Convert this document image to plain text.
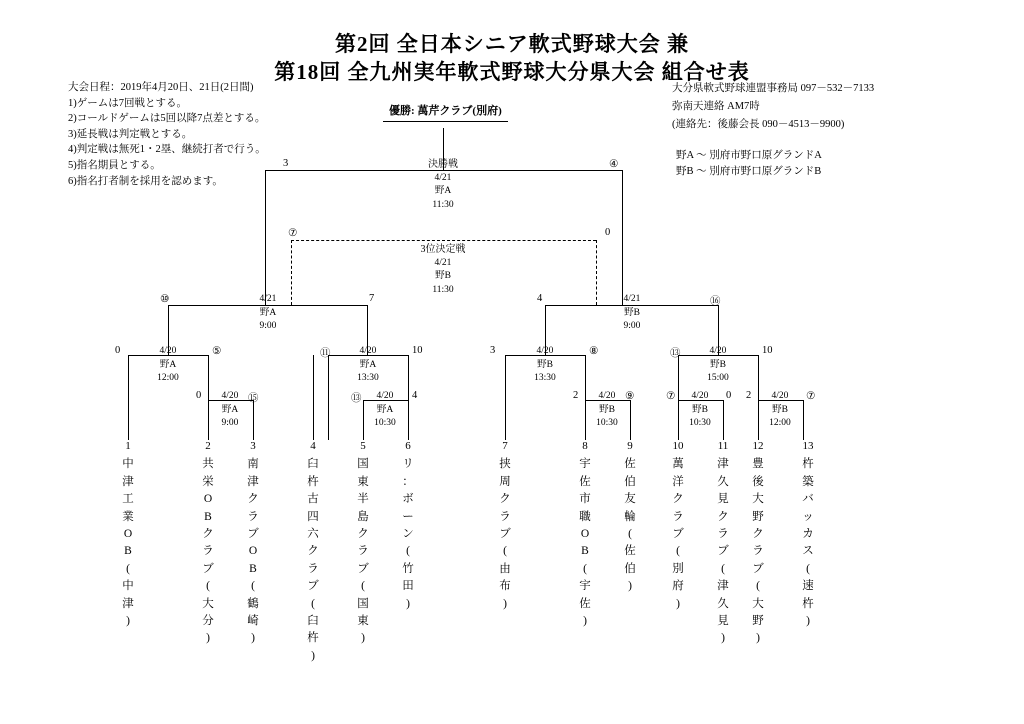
第2回 全日本シニア軟式野球大会 兼
第18回 全九州実年軟式野球大分県大会 組合せ表
大会日程：2019年4月20日、21日(2日間)
1)ゲームは7回戦とする。
2)コールドゲームは5回以降7点差とする。
3)延長戦は判定戦とする。
4)判定戦は無死1・2塁、継続打者で行う。
5)指名期員とする。
6)指名打者制を採用を認めます。
大分県軟式野球連盟事務局 097－532－7133
弥南天連絡 AM7時
(連絡先：後藤会長 090－4513－9900)
野A ～ 別府市野口原グランドA
野B ～ 別府市野口原グランドB
優勝: 萬芹クラブ(別府)
決勝戦
4/21
野A
11:30
3位決定戦
4/21
野B
11:30
4/21
野A
9:00
4/21
野B
9:00
4/20
野A
12:00
4/20
野A
13:30
4/20
野B
13:30
4/20
野B
15:00
4/20
野A
9:00
4/20
野A
10:30
4/20
野B
10:30
4/20
野B
10:30
4/20
野B
12:00
3	④
⑦	0
⑩	7	4	⑯
0	⑤	⑪	10	3	⑧	⑬	10
0	⑮	⑬	4	2	⑨	⑦	0 2	⑦
1
中
津
工
業
О
В
(
中
津
)
2
共
栄
О
В
ク
ラ
ブ
(
大
分
)
3
南
津
ク
ラ
ブ
О
В
(
鶴
崎
)
4
臼
杵
古
四
六
ク
ラ
ブ
(
臼
杵
)
5
国
東
半
島
ク
ラ
ブ
(
国
東
)
6
リ
：
ボ
ー
ン
(
竹
田
)
7
挟
周
ク
ラ
ブ
(
由
布
)
8
宇
佐
市
職
О
В
(
宇
佐
)
9
佐
伯
友
輪
(
佐
伯
)
10
萬
洋
ク
ラ
ブ
(
別
府
)
11
津
久
見
ク
ラ
ブ
(
津
久
見
)
12
豊
後
大
野
ク
ラ
ブ
(
大
野
)
13
杵
築
バ
ッ
カ
ス
(
速
杵
)
